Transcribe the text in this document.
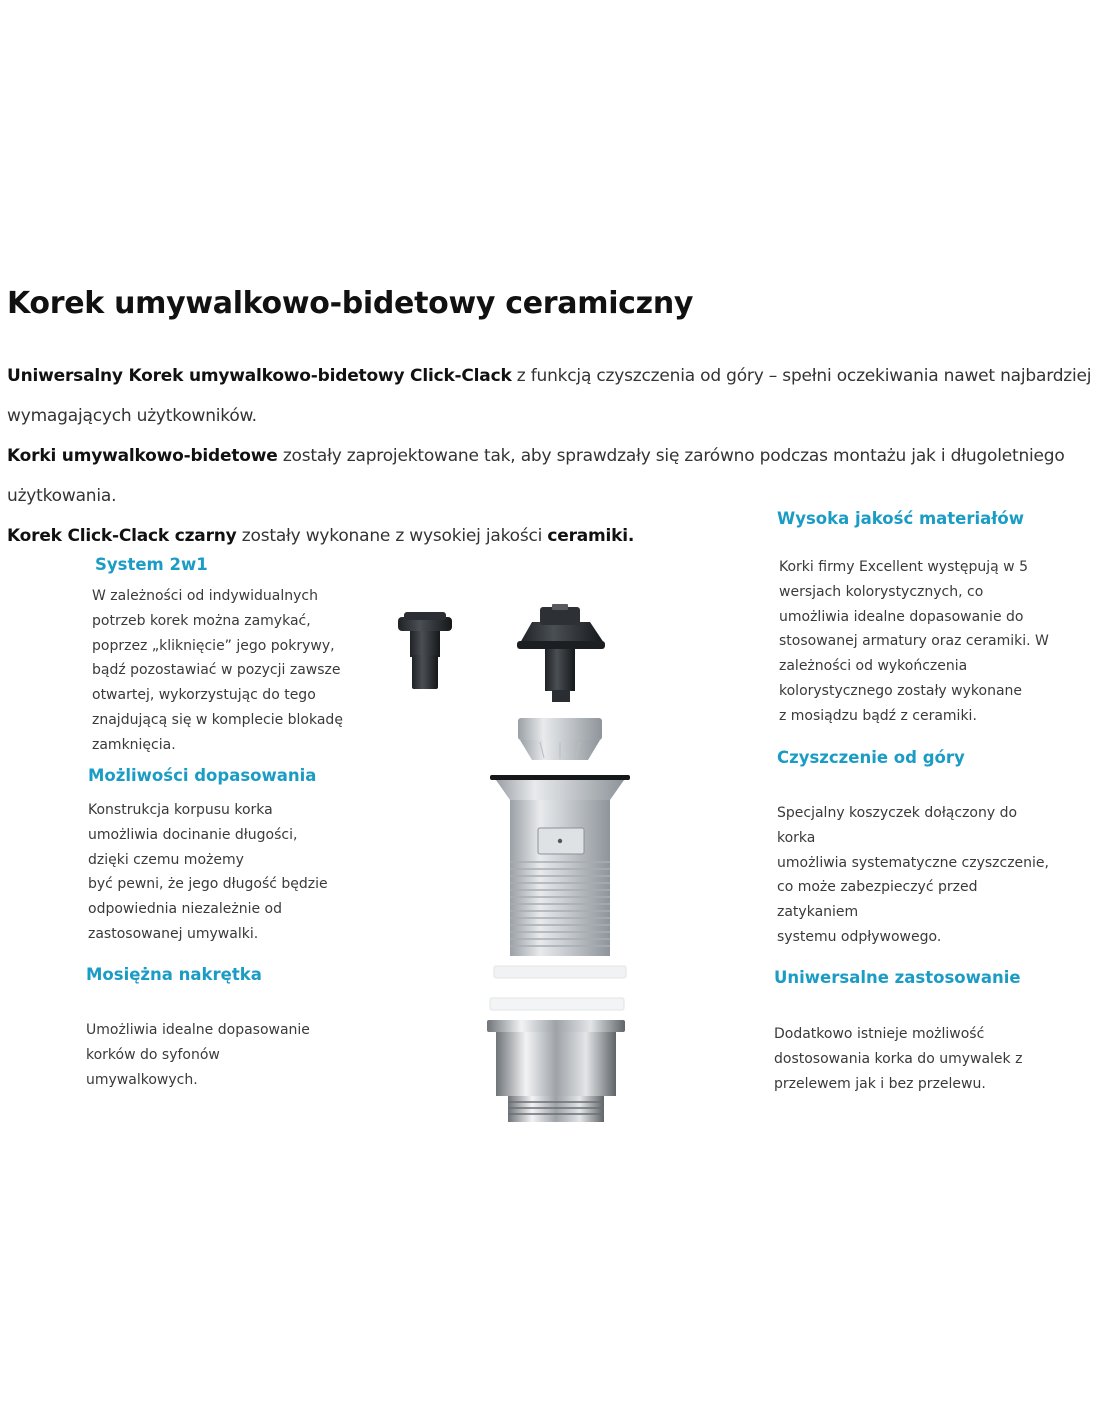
Korek umywalkowo-bidetowy ceramiczny

Uniwersalny Korek umywalkowo-bidetowy Click-Clack z funkcją czyszczenia od góry – spełni oczekiwania nawet najbardziej wymagających użytkowników.

Korki umywalkowo-bidetowe zostały zaprojektowane tak, aby sprawdzały się zarówno podczas montażu jak i długoletniego użytkowania.

Korek Click-Clack czarny zostały wykonane z wysokiej jakości ceramiki.

System 2w1

W zależności od indywidualnych
potrzeb korek można zamykać,
poprzez „kliknięcie” jego pokrywy,
bądź pozostawiać w pozycji zawsze
otwartej, wykorzystując do tego
znajdującą się w komplecie blokadę
zamknięcia.

Możliwości dopasowania

Konstrukcja korpusu korka
umożliwia docinanie długości,
dzięki czemu możemy
być pewni, że jego długość będzie
odpowiednia niezależnie od
zastosowanej umywalki.

Mosiężna nakrętka

Umożliwia idealne dopasowanie
korków do syfonów
umywalkowych.

Wysoka jakość materiałów

Korki firmy Excellent występują w 5
wersjach kolorystycznych, co
umożliwia idealne dopasowanie do
stosowanej armatury oraz ceramiki. W
zależności od wykończenia
kolorystycznego zostały wykonane
z mosiądzu bądź z ceramiki.

Czyszczenie od góry

Specjalny koszyczek dołączony do
korka
umożliwia systematyczne czyszczenie,
co może zabezpieczyć przed
zatykaniem
systemu odpływowego.

Uniwersalne zastosowanie

Dodatkowo istnieje możliwość
dostosowania korka do umywalek z
przelewem jak i bez przelewu.
